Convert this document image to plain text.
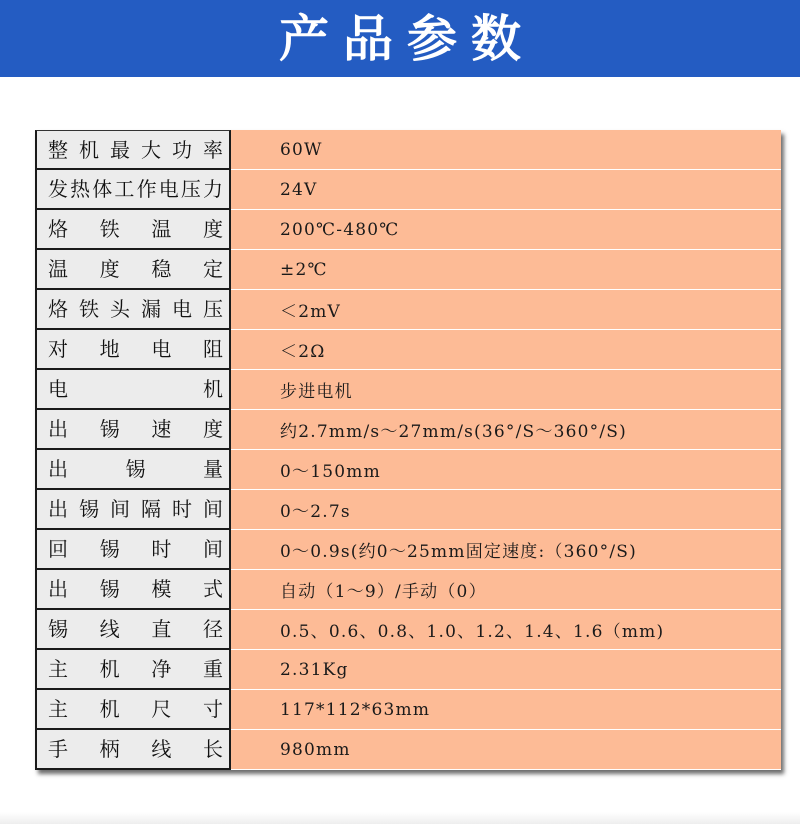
产品参数
整机最大功率	60W
发热体工作电压力	24V
烙铁温度	200℃-480℃
温度稳定	±2℃
烙铁头漏电压	＜2mV
对地电阻	＜2Ω
电机	步进电机
出锡速度	约2.7mm/s～27mm/s(36°/S～360°/S)
出锡量	0～150mm
出锡间隔时间	0～2.7s
回锡时间	0～0.9s(约0～25mm固定速度:（360°/S)
出锡模式	自动（1～9）/手动（0）
锡线直径	0.5、0.6、0.8、1.0、1.2、1.4、1.6（mm)
主机净重	2.31Kg
主机尺寸	117*112*63mm
手柄线长	980mm
